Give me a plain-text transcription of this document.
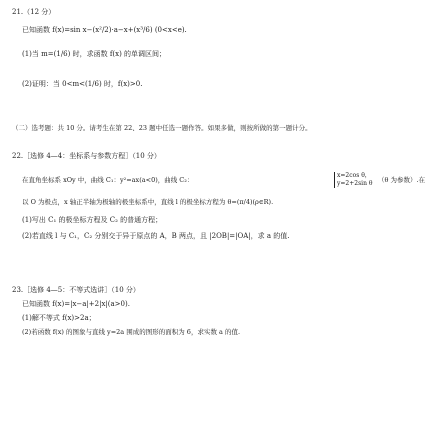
21.（12 分）
已知函数 f(x)=sin x−(x²/2)·a−x+(x³/6) (0<x<e).
(1)当 m=(1/6) 时，求函数 f(x) 的单调区间；
(2)证明：当 0<m<(1/6) 时，f(x)>0.
（二）选考题：共 10 分。请考生在第 22、23 题中任选一题作答。如果多做，则按所做的第一题计分。
22.［选修 4—4：坐标系与参数方程］（10 分）
在直角坐标系 xOy 中，曲线 C₁：y²=ax(a<0)，曲线 C₂：
x=2cos θ，
y=2+2sin θ （θ 为参数）.在
以 O 为极点，x 轴正半轴为极轴的极坐标系中，直线 l 的极坐标方程为 θ=(π/4)(ρ∈R).
(1)写出 C₁ 的极坐标方程及 C₂ 的普通方程；
(2)若直线 l 与 C₁，C₂ 分别交于异于原点的 A，B 两点，且 |2OB|=|OA|，求 a 的值.
23.［选修 4—5：不等式选讲］（10 分）
已知函数 f(x)=|x−a|+2|x|(a>0).
(1)解不等式 f(x)>2a；
(2)若函数 f(x) 的图象与直线 y=2a 围成的图形的面积为 6，求实数 a 的值.
